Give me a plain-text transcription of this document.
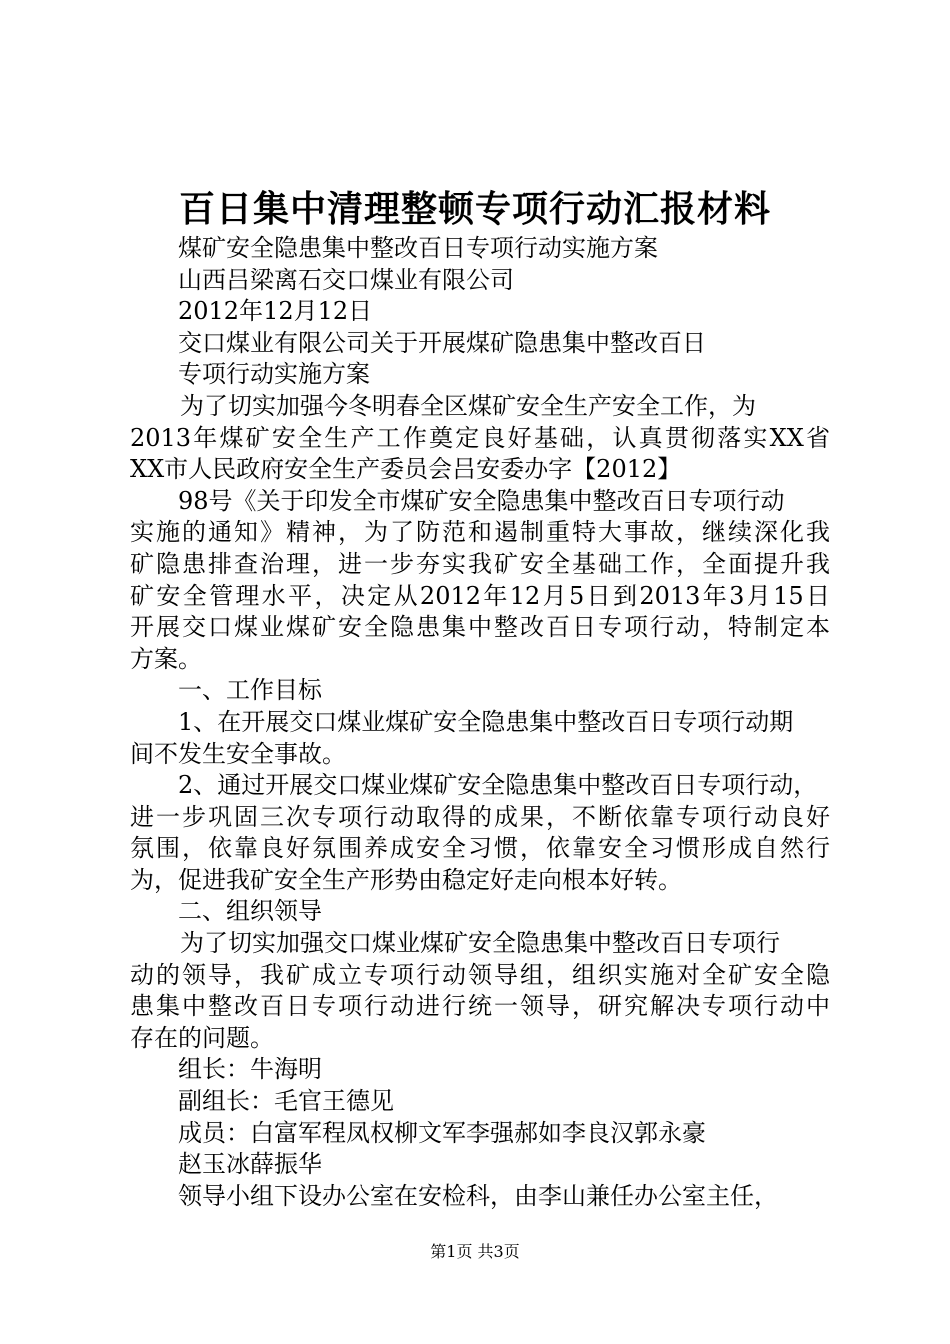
百日集中清理整顿专项行动汇报材料
煤矿安全隐患集中整改百日专项行动实施方案
山西吕梁离石交口煤业有限公司
2012年12月12日
交口煤业有限公司关于开展煤矿隐患集中整改百日
专项行动实施方案
为了切实加强今冬明春全区煤矿安全生产安全工作，为
2013年煤矿安全生产工作奠定良好基础，认真贯彻落实XX省
XX市人民政府安全生产委员会吕安委办字【2012】
98号《关于印发全市煤矿安全隐患集中整改百日专项行动
实施的通知》精神，为了防范和遏制重特大事故，继续深化我
矿隐患排查治理，进一步夯实我矿安全基础工作，全面提升我
矿安全管理水平，决定从2012年12月5日到2013年3月15日
开展交口煤业煤矿安全隐患集中整改百日专项行动，特制定本
方案。
一、工作目标
1、在开展交口煤业煤矿安全隐患集中整改百日专项行动期
间不发生安全事故。
2、通过开展交口煤业煤矿安全隐患集中整改百日专项行动，
进一步巩固三次专项行动取得的成果，不断依靠专项行动良好
氛围，依靠良好氛围养成安全习惯，依靠安全习惯形成自然行
为，促进我矿安全生产形势由稳定好走向根本好转。
二、组织领导
为了切实加强交口煤业煤矿安全隐患集中整改百日专项行
动的领导，我矿成立专项行动领导组，组织实施对全矿安全隐
患集中整改百日专项行动进行统一领导，研究解决专项行动中
存在的问题。
组长：牛海明
副组长：毛官王德见
成员：白富军程凤权柳文军李强郝如李良汉郭永豪
赵玉冰薛振华
领导小组下设办公室在安检科，由李山兼任办公室主任，
第1页 共3页
